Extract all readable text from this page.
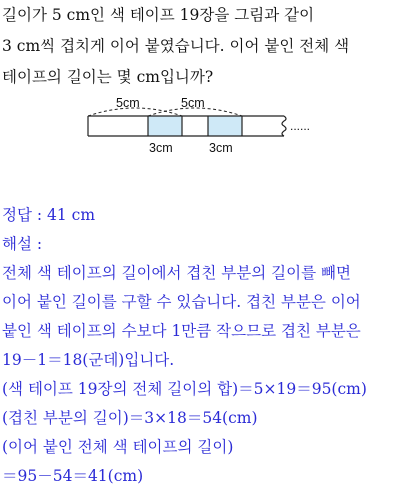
길이가 5 cm인 색 테이프 19장을 그림과 같이
3 cm씩 겹치게 이어 붙였습니다. 이어 붙인 전체 색
테이프의 길이는 몇 cm입니까?
5cm	5cm
3cm	3cm
......
정답 : 41 cm
해설 :
전체 색 테이프의 길이에서 겹친 부분의 길이를 빼면
이어 붙인 길이를 구할 수 있습니다. 겹친 부분은 이어
붙인 색 테이프의 수보다 1만큼 작으므로 겹친 부분은
19－1＝18(군데)입니다.
(색 테이프 19장의 전체 길이의 합)＝5×19＝95(cm)
(겹친 부분의 길이)＝3×18＝54(cm)
(이어 붙인 전체 색 테이프의 길이)
＝95－54＝41(cm)
